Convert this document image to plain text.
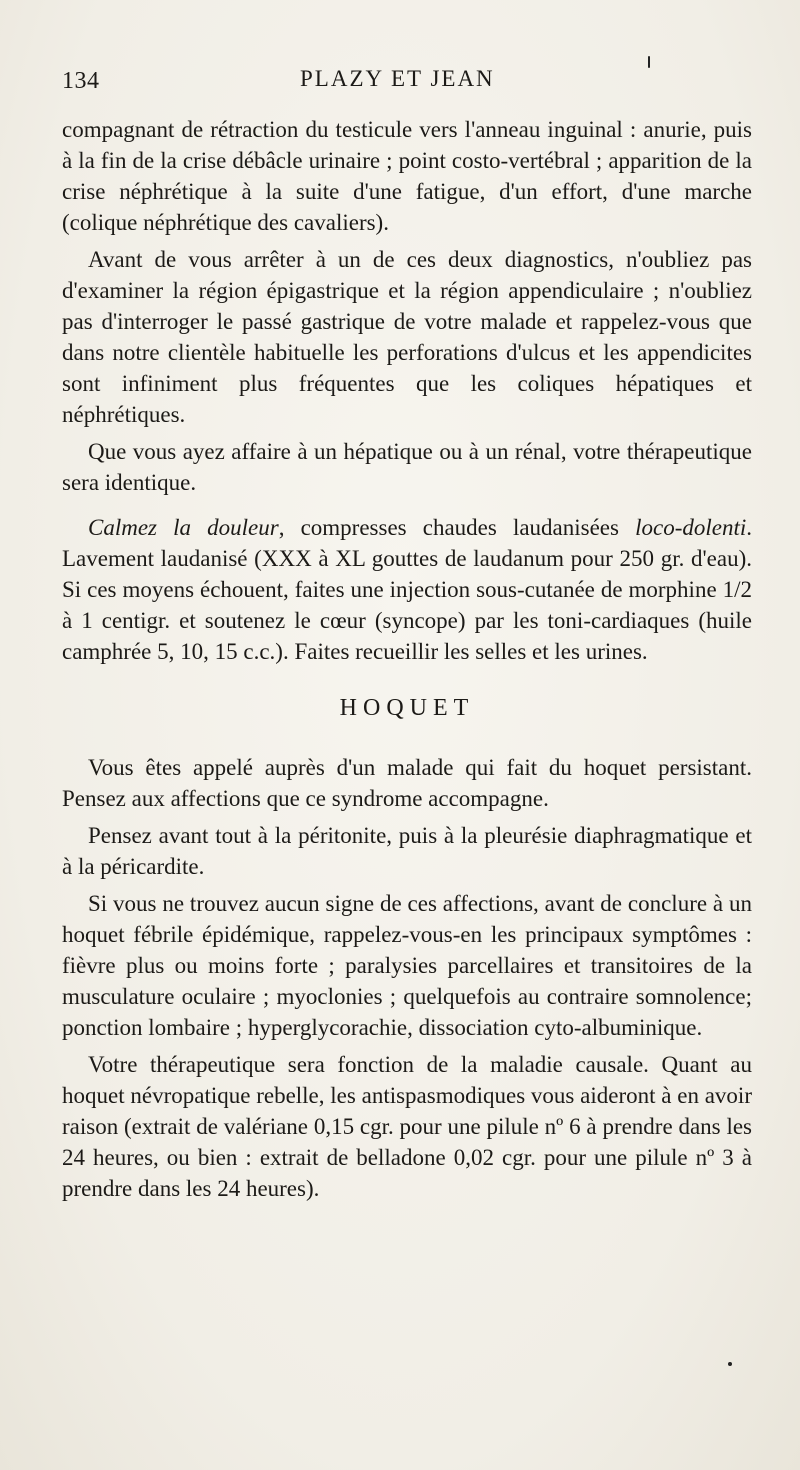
134	PLAZY ET JEAN

compagnant de rétraction du testicule vers l'anneau inguinal : anurie, puis à la fin de la crise débâcle urinaire ; point costo-vertébral ; apparition de la crise néphrétique à la suite d'une fatigue, d'un effort, d'une marche (colique néphrétique des cavaliers).

Avant de vous arrêter à un de ces deux diagnostics, n'oubliez pas d'examiner la région épigastrique et la région appendiculaire ; n'oubliez pas d'interroger le passé gastrique de votre malade et rappelez-vous que dans notre clientèle habituelle les perforations d'ulcus et les appendicites sont infiniment plus fréquentes que les coliques hépatiques et néphrétiques.

Que vous ayez affaire à un hépatique ou à un rénal, votre thérapeutique sera identique.

Calmez la douleur, compresses chaudes laudanisées loco-dolenti. Lavement laudanisé (XXX à XL gouttes de laudanum pour 250 gr. d'eau). Si ces moyens échouent, faites une injection sous-cutanée de morphine 1/2 à 1 centigr. et soutenez le cœur (syncope) par les toni-cardiaques (huile camphrée 5, 10, 15 c.c.). Faites recueillir les selles et les urines.

HOQUET

Vous êtes appelé auprès d'un malade qui fait du hoquet persistant. Pensez aux affections que ce syndrome accompagne.

Pensez avant tout à la péritonite, puis à la pleurésie diaphragmatique et à la péricardite.

Si vous ne trouvez aucun signe de ces affections, avant de conclure à un hoquet fébrile épidémique, rappelez-vous-en les principaux symptômes : fièvre plus ou moins forte ; paralysies parcellaires et transitoires de la musculature oculaire ; myoclonies ; quelquefois au contraire somnolence; ponction lombaire ; hyperglycorachie, dissociation cyto-albuminique.

Votre thérapeutique sera fonction de la maladie causale. Quant au hoquet névropatique rebelle, les antispasmodiques vous aideront à en avoir raison (extrait de valériane 0,15 cgr. pour une pilule nº 6 à prendre dans les 24 heures, ou bien : extrait de belladone 0,02 cgr. pour une pilule nº 3 à prendre dans les 24 heures).
